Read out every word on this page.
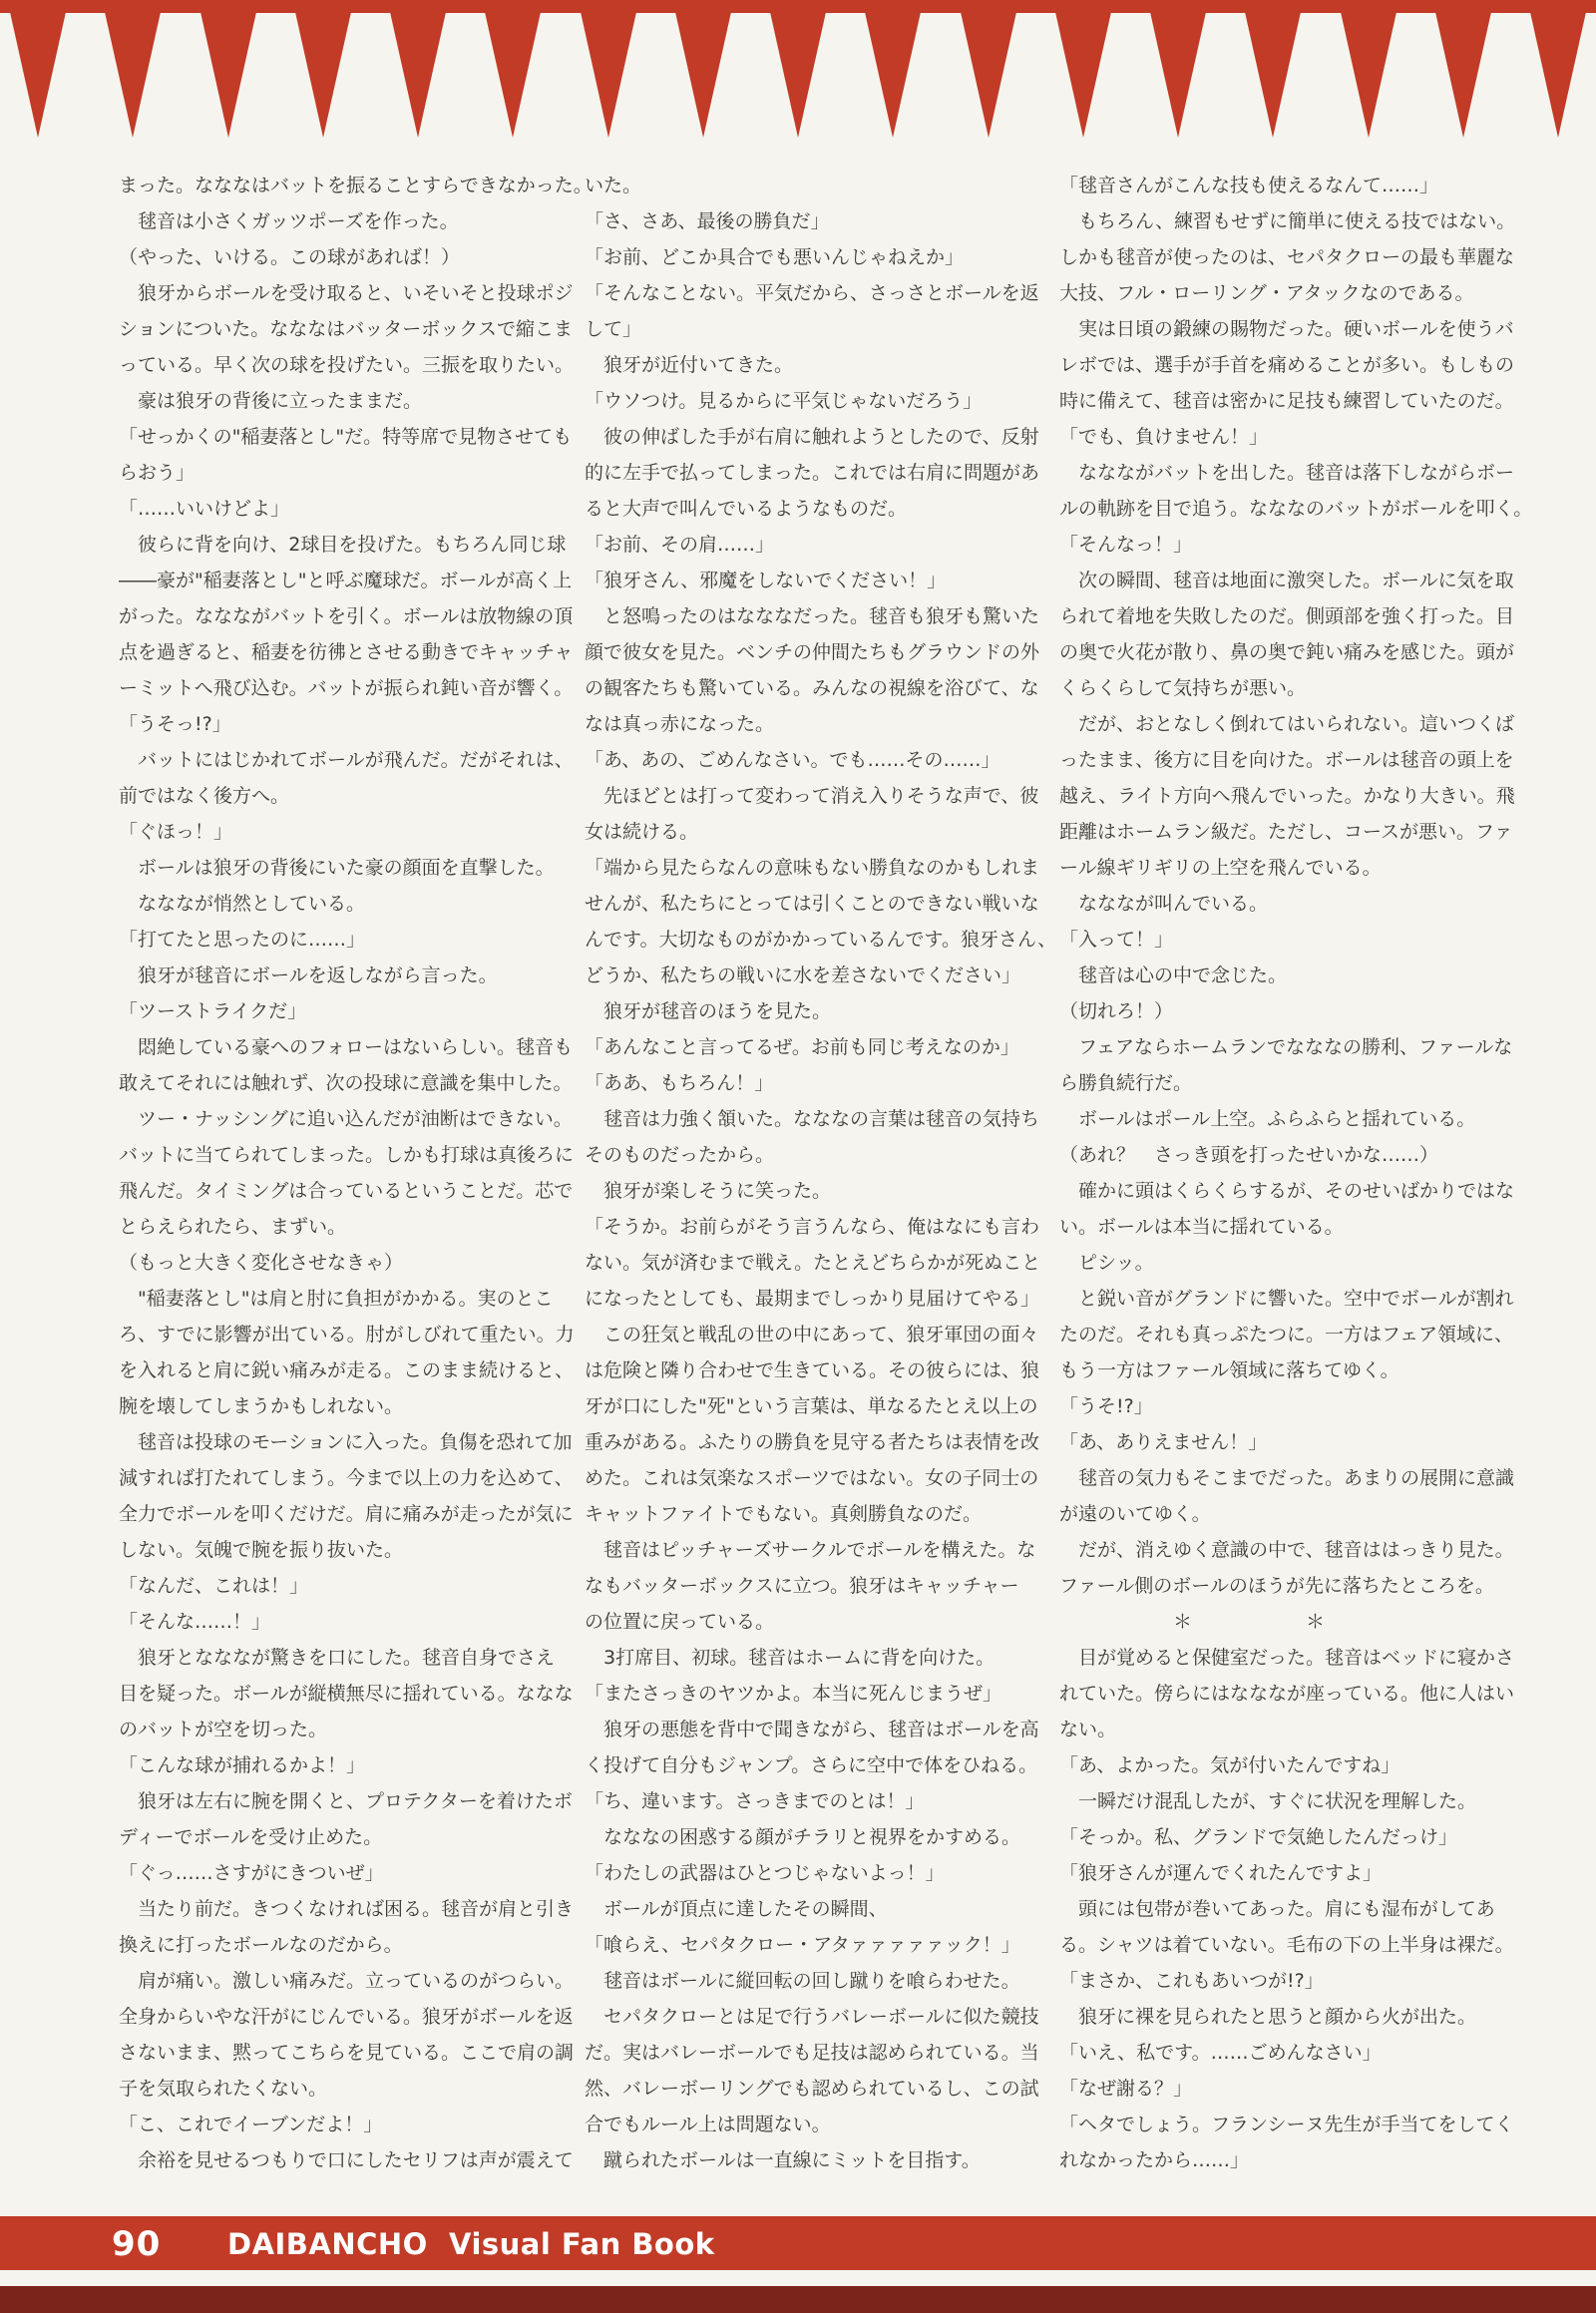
まった。なななはバットを振ることすらできなかった。
　毬音は小さくガッツポーズを作った。
（やった、いける。この球があれば！）
　狼牙からボールを受け取ると、いそいそと投球ポジ
ションについた。なななはバッターボックスで縮こま
っている。早く次の球を投げたい。三振を取りたい。
　豪は狼牙の背後に立ったままだ。
「せっかくの"稲妻落とし"だ。特等席で見物させても
らおう」
「……いいけどよ」
　彼らに背を向け、2球目を投げた。もちろん同じ球
――豪が"稲妻落とし"と呼ぶ魔球だ。ボールが高く上
がった。ななながバットを引く。ボールは放物線の頂
点を過ぎると、稲妻を彷彿とさせる動きでキャッチャ
ーミットへ飛び込む。バットが振られ鈍い音が響く。
「うそっ!?」
　バットにはじかれてボールが飛んだ。だがそれは、
前ではなく後方へ。
「ぐほっ！」
　ボールは狼牙の背後にいた豪の顔面を直撃した。
　なななが悄然としている。
「打てたと思ったのに……」
　狼牙が毬音にボールを返しながら言った。
「ツーストライクだ」
　悶絶している豪へのフォローはないらしい。毬音も
敢えてそれには触れず、次の投球に意識を集中した。
　ツー・ナッシングに追い込んだが油断はできない。
バットに当てられてしまった。しかも打球は真後ろに
飛んだ。タイミングは合っているということだ。芯で
とらえられたら、まずい。
（もっと大きく変化させなきゃ）
　"稲妻落とし"は肩と肘に負担がかかる。実のとこ
ろ、すでに影響が出ている。肘がしびれて重たい。力
を入れると肩に鋭い痛みが走る。このまま続けると、
腕を壊してしまうかもしれない。
　毬音は投球のモーションに入った。負傷を恐れて加
減すれば打たれてしまう。今まで以上の力を込めて、
全力でボールを叩くだけだ。肩に痛みが走ったが気に
しない。気魄で腕を振り抜いた。
「なんだ、これは！」
「そんな……！」
　狼牙となななが驚きを口にした。毬音自身でさえ
目を疑った。ボールが縦横無尽に揺れている。ななな
のバットが空を切った。
「こんな球が捕れるかよ！」
　狼牙は左右に腕を開くと、プロテクターを着けたボ
ディーでボールを受け止めた。
「ぐっ……さすがにきついぜ」
　当たり前だ。きつくなければ困る。毬音が肩と引き
換えに打ったボールなのだから。
　肩が痛い。激しい痛みだ。立っているのがつらい。
全身からいやな汗がにじんでいる。狼牙がボールを返
さないまま、黙ってこちらを見ている。ここで肩の調
子を気取られたくない。
「こ、これでイーブンだよ！」
　余裕を見せるつもりで口にしたセリフは声が震えて
いた。
「さ、さあ、最後の勝負だ」
「お前、どこか具合でも悪いんじゃねえか」
「そんなことない。平気だから、さっさとボールを返
して」
　狼牙が近付いてきた。
「ウソつけ。見るからに平気じゃないだろう」
　彼の伸ばした手が右肩に触れようとしたので、反射
的に左手で払ってしまった。これでは右肩に問題があ
ると大声で叫んでいるようなものだ。
「お前、その肩……」
「狼牙さん、邪魔をしないでください！」
　と怒鳴ったのはなななだった。毬音も狼牙も驚いた
顔で彼女を見た。ベンチの仲間たちもグラウンドの外
の観客たちも驚いている。みんなの視線を浴びて、な
なは真っ赤になった。
「あ、あの、ごめんなさい。でも……その……」
　先ほどとは打って変わって消え入りそうな声で、彼
女は続ける。
「端から見たらなんの意味もない勝負なのかもしれま
せんが、私たちにとっては引くことのできない戦いな
んです。大切なものがかかっているんです。狼牙さん、
どうか、私たちの戦いに水を差さないでください」
　狼牙が毬音のほうを見た。
「あんなこと言ってるぜ。お前も同じ考えなのか」
「ああ、もちろん！」
　毬音は力強く頷いた。なななの言葉は毬音の気持ち
そのものだったから。
　狼牙が楽しそうに笑った。
「そうか。お前らがそう言うんなら、俺はなにも言わ
ない。気が済むまで戦え。たとえどちらかが死ぬこと
になったとしても、最期までしっかり見届けてやる」
　この狂気と戦乱の世の中にあって、狼牙軍団の面々
は危険と隣り合わせで生きている。その彼らには、狼
牙が口にした"死"という言葉は、単なるたとえ以上の
重みがある。ふたりの勝負を見守る者たちは表情を改
めた。これは気楽なスポーツではない。女の子同士の
キャットファイトでもない。真剣勝負なのだ。
　毬音はピッチャーズサークルでボールを構えた。な
なもバッターボックスに立つ。狼牙はキャッチャー
の位置に戻っている。
　3打席目、初球。毬音はホームに背を向けた。
「またさっきのヤツかよ。本当に死んじまうぜ」
　狼牙の悪態を背中で聞きながら、毬音はボールを高
く投げて自分もジャンプ。さらに空中で体をひねる。
「ち、違います。さっきまでのとは！」
　なななの困惑する顔がチラリと視界をかすめる。
「わたしの武器はひとつじゃないよっ！」
　ボールが頂点に達したその瞬間、
「喰らえ、セパタクロー・アタァァァァァック！」
　毬音はボールに縦回転の回し蹴りを喰らわせた。
　セパタクローとは足で行うバレーボールに似た競技
だ。実はバレーボールでも足技は認められている。当
然、バレーボーリングでも認められているし、この試
合でもルール上は問題ない。
　蹴られたボールは一直線にミットを目指す。
「毬音さんがこんな技も使えるなんて……」
　もちろん、練習もせずに簡単に使える技ではない。
しかも毬音が使ったのは、セパタクローの最も華麗な
大技、フル・ローリング・アタックなのである。
　実は日頃の鍛練の賜物だった。硬いボールを使うバ
レボでは、選手が手首を痛めることが多い。もしもの
時に備えて、毬音は密かに足技も練習していたのだ。
「でも、負けません！」
　ななながバットを出した。毬音は落下しながらボー
ルの軌跡を目で追う。なななのバットがボールを叩く。
「そんなっ！」
　次の瞬間、毬音は地面に激突した。ボールに気を取
られて着地を失敗したのだ。側頭部を強く打った。目
の奥で火花が散り、鼻の奥で鈍い痛みを感じた。頭が
くらくらして気持ちが悪い。
　だが、おとなしく倒れてはいられない。這いつくば
ったまま、後方に目を向けた。ボールは毬音の頭上を
越え、ライト方向へ飛んでいった。かなり大きい。飛
距離はホームラン級だ。ただし、コースが悪い。ファ
ール線ギリギリの上空を飛んでいる。
　なななが叫んでいる。
「入って！」
　毬音は心の中で念じた。
（切れろ！）
　フェアならホームランでなななの勝利、ファールな
ら勝負続行だ。
　ボールはポール上空。ふらふらと揺れている。
（あれ？　さっき頭を打ったせいかな……）
　確かに頭はくらくらするが、そのせいばかりではな
い。ボールは本当に揺れている。
　ピシッ。
　と鋭い音がグランドに響いた。空中でボールが割れ
たのだ。それも真っぷたつに。一方はフェア領域に、
もう一方はファール領域に落ちてゆく。
「うそ!?」
「あ、ありえません！」
　毬音の気力もそこまでだった。あまりの展開に意識
が遠のいてゆく。
　だが、消えゆく意識の中で、毬音ははっきり見た。
ファール側のボールのほうが先に落ちたところを。
　　　　　　＊　　　　　　＊
　目が覚めると保健室だった。毬音はベッドに寝かさ
れていた。傍らにはなななが座っている。他に人はい
ない。
「あ、よかった。気が付いたんですね」
　一瞬だけ混乱したが、すぐに状況を理解した。
「そっか。私、グランドで気絶したんだっけ」
「狼牙さんが運んでくれたんですよ」
　頭には包帯が巻いてあった。肩にも湿布がしてあ
る。シャツは着ていない。毛布の下の上半身は裸だ。
「まさか、これもあいつが!?」
　狼牙に裸を見られたと思うと顔から火が出た。
「いえ、私です。……ごめんなさい」
「なぜ謝る？」
「ヘタでしょう。フランシーヌ先生が手当てをしてく
れなかったから……」
90 DAIBANCHO  Visual Fan Book
